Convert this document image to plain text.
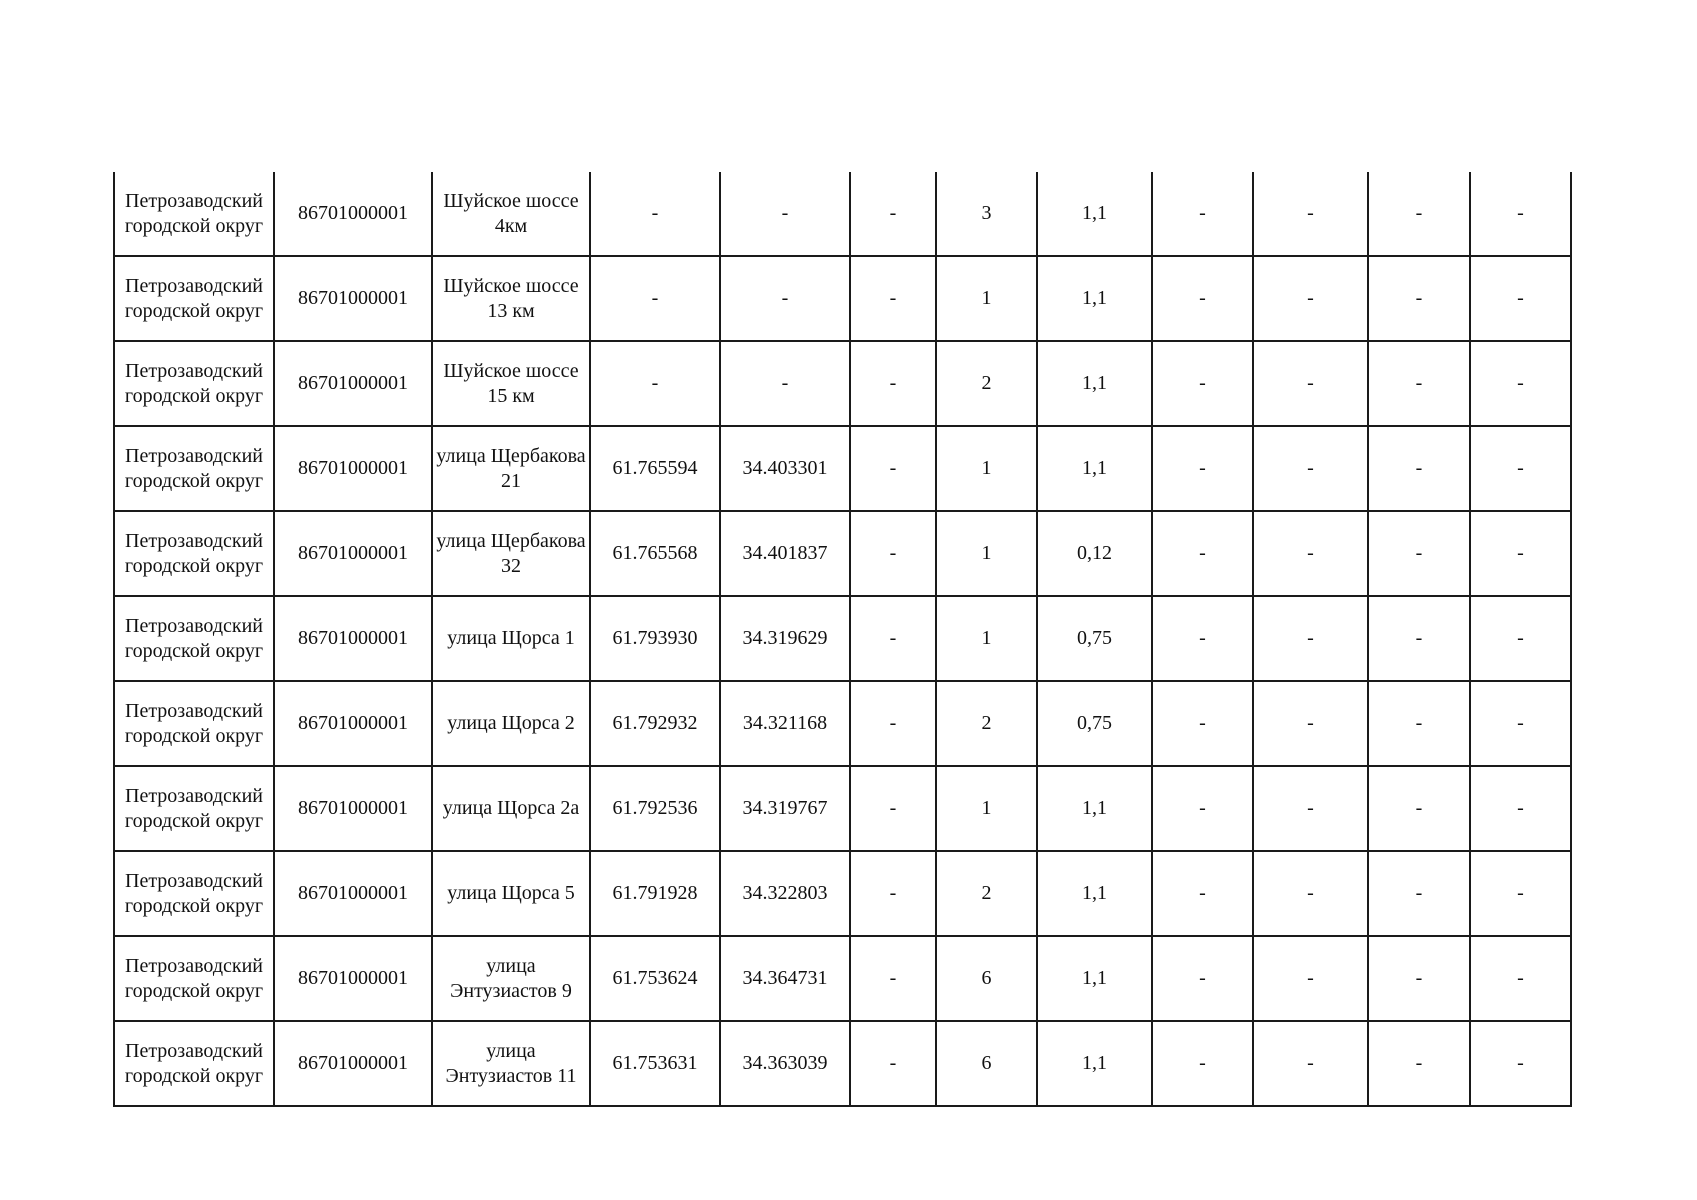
Петрозаводский городской округ	86701000001	Шуйское шоссе 4км	-	-	-	3	1,1	-	-	-	-
Петрозаводский городской округ	86701000001	Шуйское шоссе 13 км	-	-	-	1	1,1	-	-	-	-
Петрозаводский городской округ	86701000001	Шуйское шоссе 15 км	-	-	-	2	1,1	-	-	-	-
Петрозаводский городской округ	86701000001	улица Щербакова 21	61.765594	34.403301	-	1	1,1	-	-	-	-
Петрозаводский городской округ	86701000001	улица Щербакова 32	61.765568	34.401837	-	1	0,12	-	-	-	-
Петрозаводский городской округ	86701000001	улица Щорса 1	61.793930	34.319629	-	1	0,75	-	-	-	-
Петрозаводский городской округ	86701000001	улица Щорса 2	61.792932	34.321168	-	2	0,75	-	-	-	-
Петрозаводский городской округ	86701000001	улица Щорса 2а	61.792536	34.319767	-	1	1,1	-	-	-	-
Петрозаводский городской округ	86701000001	улица Щорса 5	61.791928	34.322803	-	2	1,1	-	-	-	-
Петрозаводский городской округ	86701000001	улица Энтузиастов 9	61.753624	34.364731	-	6	1,1	-	-	-	-
Петрозаводский городской округ	86701000001	улица Энтузиастов 11	61.753631	34.363039	-	6	1,1	-	-	-	-
